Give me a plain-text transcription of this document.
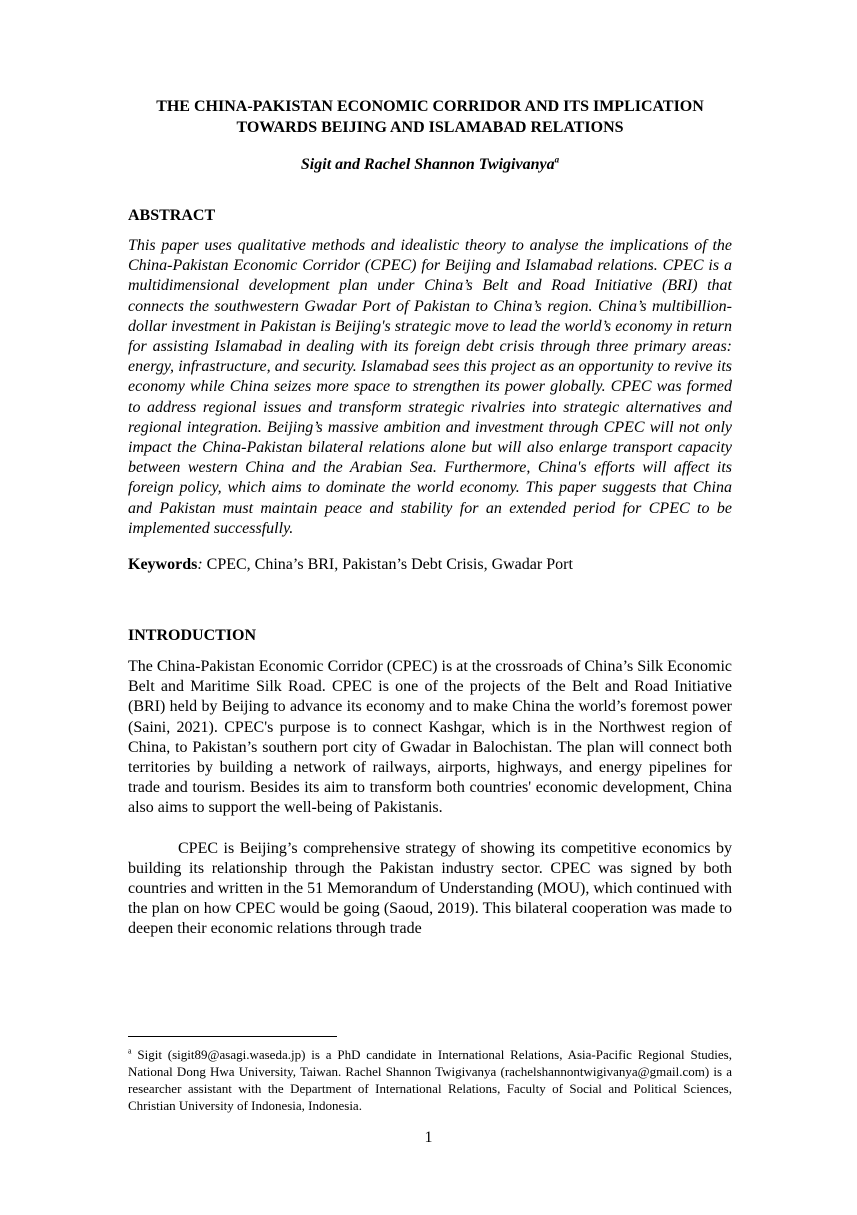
THE CHINA-PAKISTAN ECONOMIC CORRIDOR AND ITS IMPLICATION TOWARDS BEIJING AND ISLAMABAD RELATIONS
Sigit and Rachel Shannon Twigivanya$^a$
ABSTRACT

This paper uses qualitative methods and idealistic theory to analyse the implications of the China-Pakistan Economic Corridor (CPEC) for Beijing and Islamabad relations. CPEC is a multidimensional development plan under China’s Belt and Road Initiative (BRI) that connects the southwestern Gwadar Port of Pakistan to China’s region. China’s multibillion-dollar investment in Pakistan is Beijing's strategic move to lead the world’s economy in return for assisting Islamabad in dealing with its foreign debt crisis through three primary areas: energy, infrastructure, and security. Islamabad sees this project as an opportunity to revive its economy while China seizes more space to strengthen its power globally. CPEC was formed to address regional issues and transform strategic rivalries into strategic alternatives and regional integration. Beijing’s massive ambition and investment through CPEC will not only impact the China-Pakistan bilateral relations alone but will also enlarge transport capacity between western China and the Arabian Sea. Furthermore, China's efforts will affect its foreign policy, which aims to dominate the world economy. This paper suggests that China and Pakistan must maintain peace and stability for an extended period for CPEC to be implemented successfully.

Keywords: CPEC, China’s BRI, Pakistan’s Debt Crisis, Gwadar Port
INTRODUCTION

The China-Pakistan Economic Corridor (CPEC) is at the crossroads of China’s Silk Economic Belt and Maritime Silk Road. CPEC is one of the projects of the Belt and Road Initiative (BRI) held by Beijing to advance its economy and to make China the world’s foremost power (Saini, 2021). CPEC's purpose is to connect Kashgar, which is in the Northwest region of China, to Pakistan’s southern port city of Gwadar in Balochistan. The plan will connect both territories by building a network of railways, airports, highways, and energy pipelines for trade and tourism. Besides its aim to transform both countries' economic development, China also aims to support the well-being of Pakistanis.

CPEC is Beijing’s comprehensive strategy of showing its competitive economics by building its relationship through the Pakistan industry sector. CPEC was signed by both countries and written in the 51 Memorandum of Understanding (MOU), which continued with the plan on how CPEC would be going (Saoud, 2019). This bilateral cooperation was made to deepen their economic relations through trade

$^a$ Sigit (sigit89@asagi.waseda.jp) is a PhD candidate in International Relations, Asia-Pacific Regional Studies, National Dong Hwa University, Taiwan. Rachel Shannon Twigivanya (rachelshannontwigivanya@gmail.com) is a researcher assistant with the Department of International Relations, Faculty of Social and Political Sciences, Christian University of Indonesia, Indonesia.
1
